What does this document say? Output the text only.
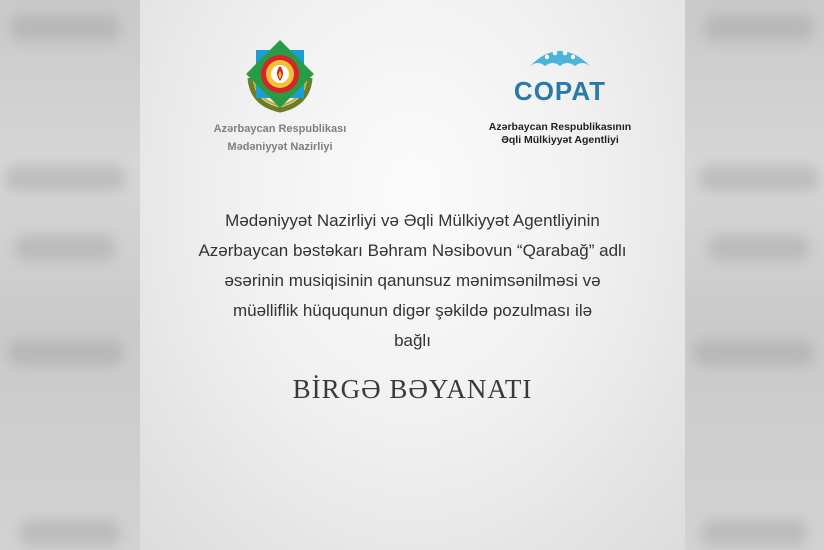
Azərbaycan Respublikası
Mədəniyyət Nazirliyi
COPAT
Azərbaycan Respublikasının
Əqli Mülkiyyət Agentliyi
Mədəniyyət Nazirliyi və Əqli Mülkiyyət Agentliyinin
Azərbaycan bəstəkarı Bəhram Nəsibovun “Qarabağ” adlı
əsərinin musiqisinin qanunsuz mənimsənilməsi və
müəlliflik hüququnun digər şəkildə pozulması ilə
bağlı
BİRGƏ BƏYANATI
